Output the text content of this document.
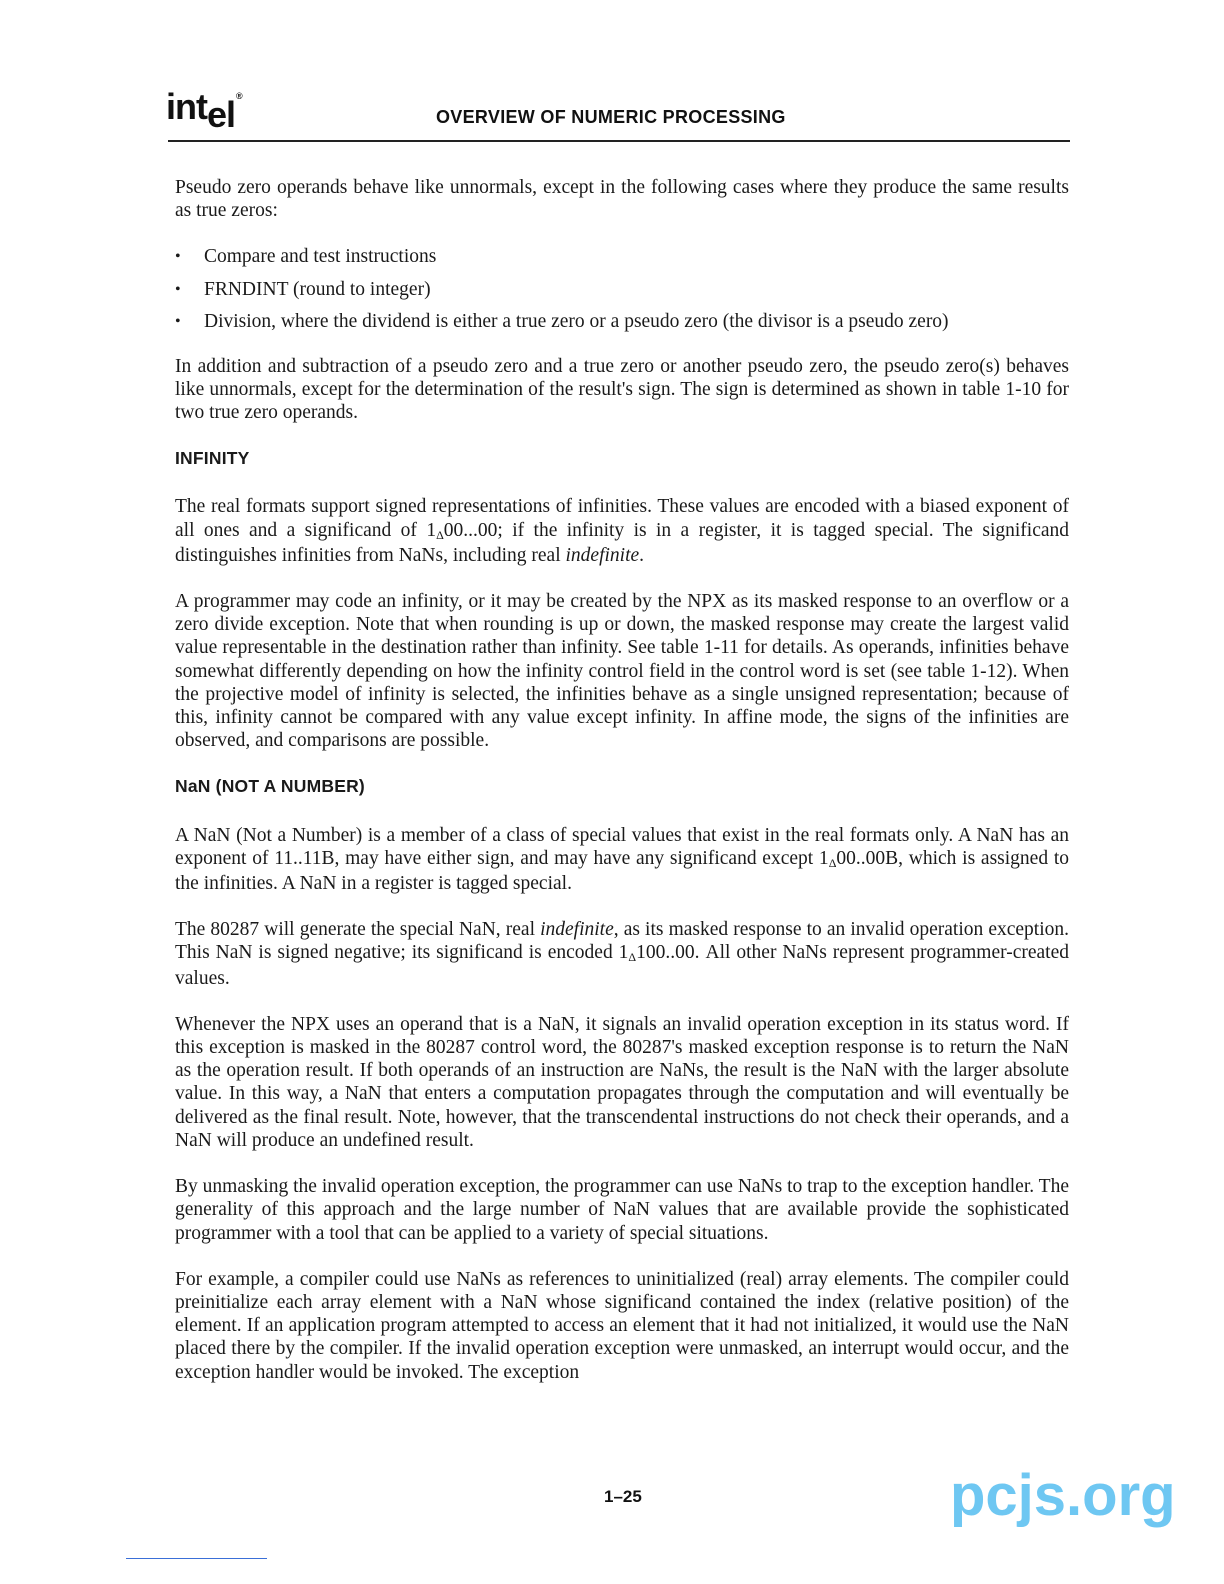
intel®
OVERVIEW OF NUMERIC PROCESSING

Pseudo zero operands behave like unnormals, except in the following cases where they produce the same results as true zeros:

• Compare and test instructions
• FRNDINT (round to integer)
• Division, where the dividend is either a true zero or a pseudo zero (the divisor is a pseudo zero)

In addition and subtraction of a pseudo zero and a true zero or another pseudo zero, the pseudo zero(s) behaves like unnormals, except for the determination of the result's sign. The sign is determined as shown in table 1-10 for two true zero operands.

INFINITY

The real formats support signed representations of infinities. These values are encoded with a biased exponent of all ones and a significand of 1Δ00...00; if the infinity is in a register, it is tagged special. The significand distinguishes infinities from NaNs, including real indefinite.

A programmer may code an infinity, or it may be created by the NPX as its masked response to an overflow or a zero divide exception. Note that when rounding is up or down, the masked response may create the largest valid value representable in the destination rather than infinity. See table 1-11 for details. As operands, infinities behave somewhat differently depending on how the infinity control field in the control word is set (see table 1-12). When the projective model of infinity is selected, the infinities behave as a single unsigned representation; because of this, infinity cannot be compared with any value except infinity. In affine mode, the signs of the infinities are observed, and comparisons are possible.

NaN (NOT A NUMBER)

A NaN (Not a Number) is a member of a class of special values that exist in the real formats only. A NaN has an exponent of 11..11B, may have either sign, and may have any significand except 1Δ00..00B, which is assigned to the infinities. A NaN in a register is tagged special.

The 80287 will generate the special NaN, real indefinite, as its masked response to an invalid operation exception. This NaN is signed negative; its significand is encoded 1Δ100..00. All other NaNs represent programmer-created values.

Whenever the NPX uses an operand that is a NaN, it signals an invalid operation exception in its status word. If this exception is masked in the 80287 control word, the 80287's masked exception response is to return the NaN as the operation result. If both operands of an instruction are NaNs, the result is the NaN with the larger absolute value. In this way, a NaN that enters a computation propagates through the computation and will eventually be delivered as the final result. Note, however, that the transcendental instructions do not check their operands, and a NaN will produce an undefined result.

By unmasking the invalid operation exception, the programmer can use NaNs to trap to the exception handler. The generality of this approach and the large number of NaN values that are available provide the sophisticated programmer with a tool that can be applied to a variety of special situations.

For example, a compiler could use NaNs as references to uninitialized (real) array elements. The compiler could preinitialize each array element with a NaN whose significand contained the index (relative position) of the element. If an application program attempted to access an element that it had not initialized, it would use the NaN placed there by the compiler. If the invalid operation exception were unmasked, an interrupt would occur, and the exception handler would be invoked. The exception

1–25	pcjs.org
